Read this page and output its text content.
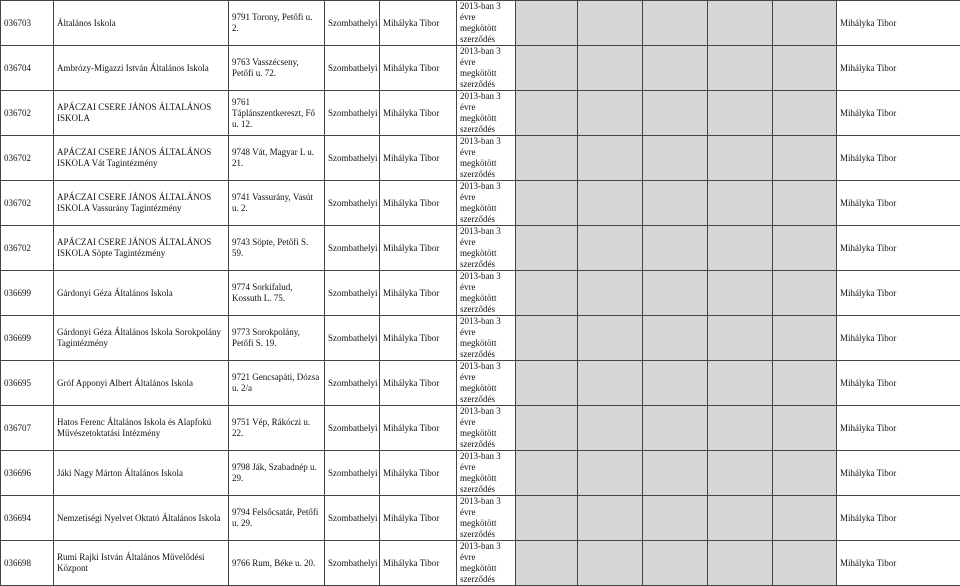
036703	Általános Iskola	9791 Torony, Petőfi u. 2.	Szombathelyi	Mihályka Tibor	2013-ban 3 évre megkötött szerződés						Mihályka Tibor
036704	Ambrózy-Migazzi István Általános Iskola	9763 Vasszécseny, Petőfi u. 72.	Szombathelyi	Mihályka Tibor	2013-ban 3 évre megkötött szerződés						Mihályka Tibor
036702	APÁCZAI CSERE JÁNOS ÁLTALÁNOS ISKOLA	9761 Táplánszentkereszt, Fő u. 12.	Szombathelyi	Mihályka Tibor	2013-ban 3 évre megkötött szerződés						Mihályka Tibor
036702	APÁCZAI CSERE JÁNOS ÁLTALÁNOS ISKOLA Vát Tagintézmény	9748 Vát, Magyar L u. 21.	Szombathelyi	Mihályka Tibor	2013-ban 3 évre megkötött szerződés						Mihályka Tibor
036702	APÁCZAI CSERE JÁNOS ÁLTALÁNOS ISKOLA Vassurány Tagintézmény	9741 Vassurány, Vasút u. 2.	Szombathelyi	Mihályka Tibor	2013-ban 3 évre megkötött szerződés						Mihályka Tibor
036702	APÁCZAI CSERE JÁNOS ÁLTALÁNOS ISKOLA Söpte Tagintézmény	9743 Söpte, Petőfi S. 59.	Szombathelyi	Mihályka Tibor	2013-ban 3 évre megkötött szerződés						Mihályka Tibor
036699	Gárdonyi Géza Általános Iskola	9774 Sorkifalud, Kossuth L. 75.	Szombathelyi	Mihályka Tibor	2013-ban 3 évre megkötött szerződés						Mihályka Tibor
036699	Gárdonyi Géza Általános Iskola Sorokpolány Tagintézmény	9773 Sorokpolány, Petőfi S. 19.	Szombathelyi	Mihályka Tibor	2013-ban 3 évre megkötött szerződés						Mihályka Tibor
036695	Gróf Apponyi Albert Általános Iskola	9721 Gencsapáti, Dózsa u. 2/a	Szombathelyi	Mihályka Tibor	2013-ban 3 évre megkötött szerződés						Mihályka Tibor
036707	Hatos Ferenc Általános Iskola és Alapfokú Művészetoktatási Intézmény	9751 Vép, Rákóczi u. 22.	Szombathelyi	Mihályka Tibor	2013-ban 3 évre megkötött szerződés						Mihályka Tibor
036696	Jáki Nagy Márton Általános Iskola	9798 Ják, Szabadnép u. 29.	Szombathelyi	Mihályka Tibor	2013-ban 3 évre megkötött szerződés						Mihályka Tibor
036694	Nemzetiségi Nyelvet Oktató Általános Iskola	9794 Felsőcsatár, Petőfi u. 29.	Szombathelyi	Mihályka Tibor	2013-ban 3 évre megkötött szerződés						Mihályka Tibor
036698	Rumi Rajki István Általános Művelődési Központ	9766 Rum, Béke u. 20.	Szombathelyi	Mihályka Tibor	2013-ban 3 évre megkötött szerződés						Mihályka Tibor
